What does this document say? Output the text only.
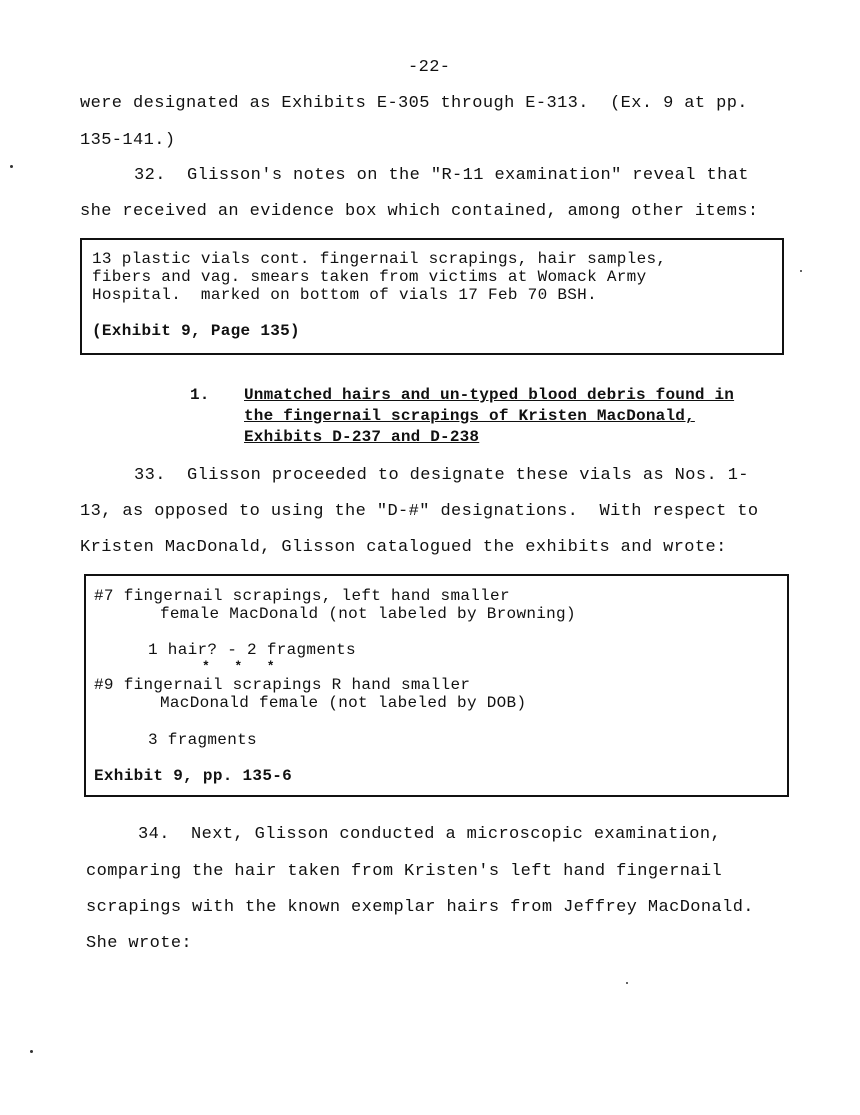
-22-
were designated as Exhibits E-305 through E-313.  (Ex. 9 at pp.
135-141.)
32.  Glisson's notes on the "R-11 examination" reveal that
she received an evidence box which contained, among other items:
13 plastic vials cont. fingernail scrapings, hair samples,
fibers and vag. smears taken from victims at Womack Army
Hospital.  marked on bottom of vials 17 Feb 70 BSH.
(Exhibit 9, Page 135)
1. Unmatched hairs and un-typed blood debris found in
the fingernail scrapings of Kristen MacDonald,
Exhibits D-237 and D-238
33.  Glisson proceeded to designate these vials as Nos. 1-
13, as opposed to using the "D-#" designations.  With respect to
Kristen MacDonald, Glisson catalogued the exhibits and wrote:
#7 fingernail scrapings, left hand smaller
female MacDonald (not labeled by Browning)
1 hair? - 2 fragments
*   *   *
#9 fingernail scrapings R hand smaller
MacDonald female (not labeled by DOB)
3 fragments
Exhibit 9, pp. 135-6
34.  Next, Glisson conducted a microscopic examination,
comparing the hair taken from Kristen's left hand fingernail
scrapings with the known exemplar hairs from Jeffrey MacDonald.
She wrote:
